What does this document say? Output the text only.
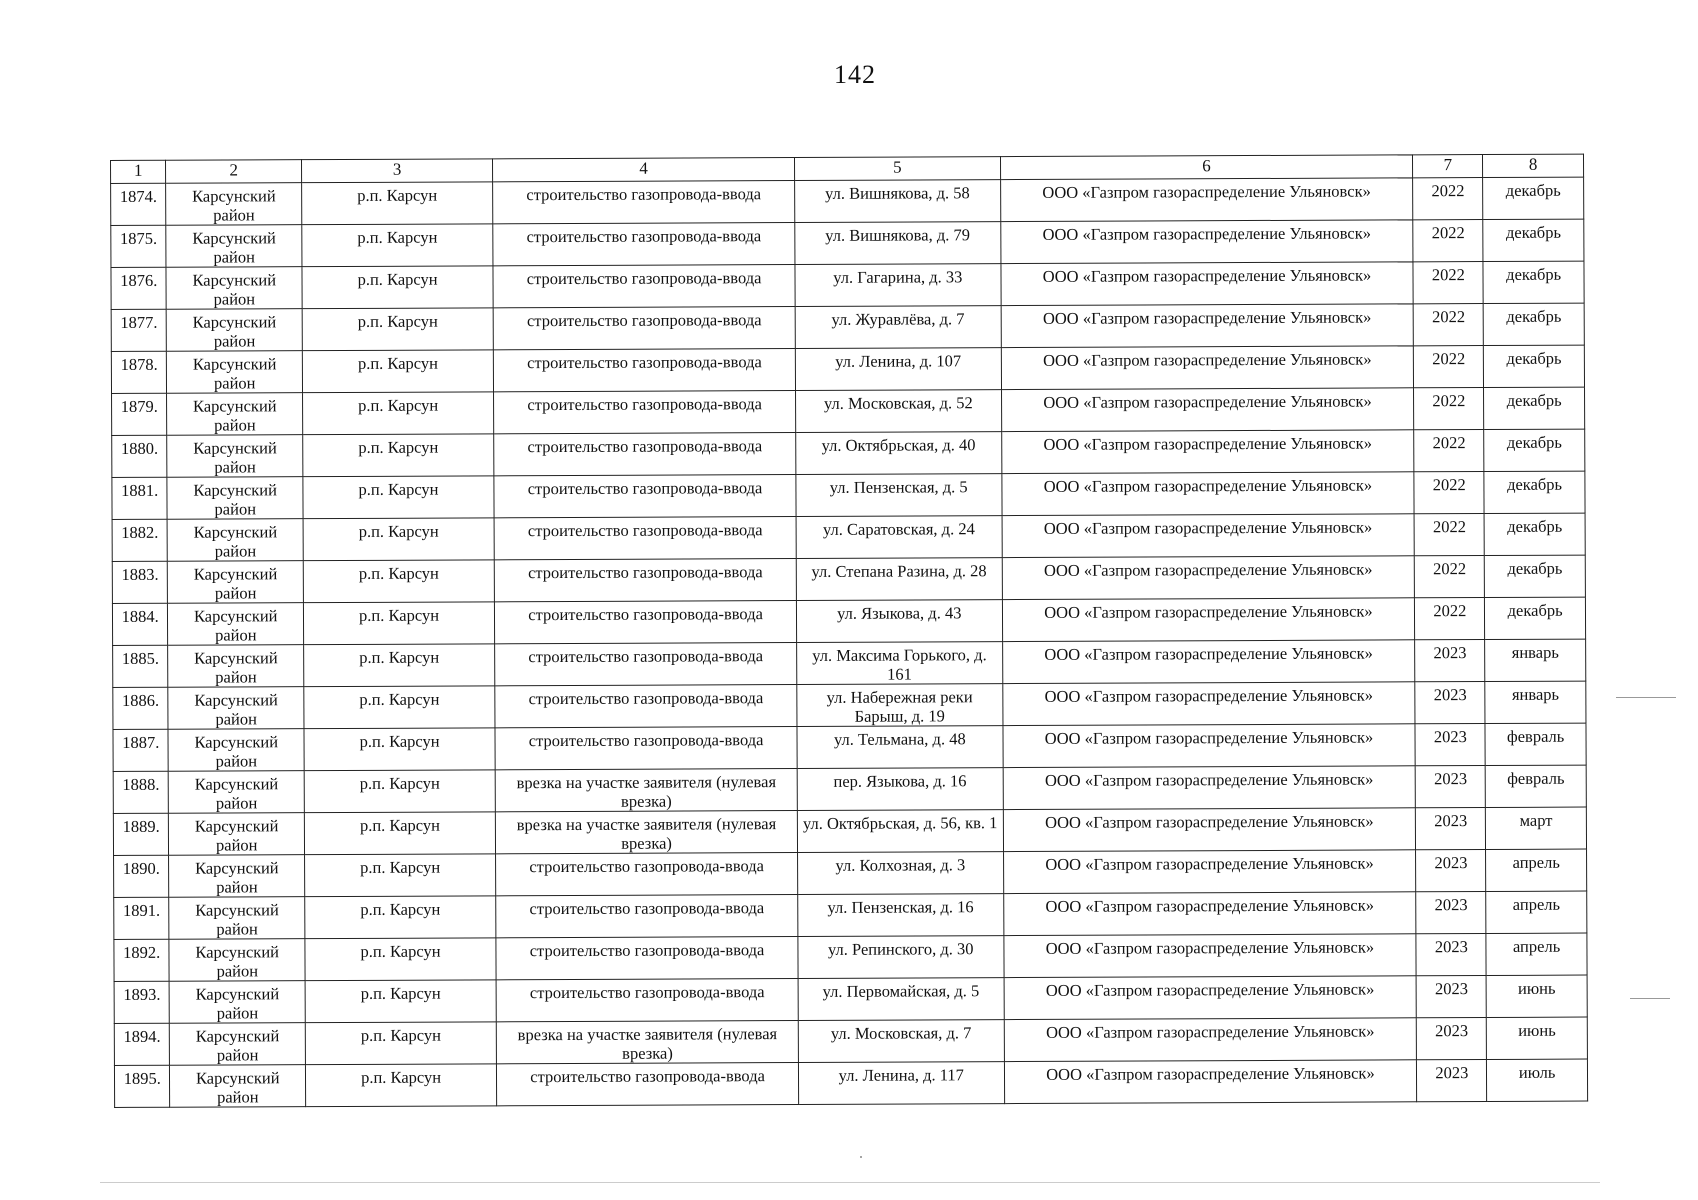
142
1	2	3	4	5	6	7	8
1874.	Карсунский район	р.п. Карсун	строительство газопровода-ввода	ул. Вишнякова, д. 58	ООО «Газпром газораспределение Ульяновск»	2022	декабрь
1875.	Карсунский район	р.п. Карсун	строительство газопровода-ввода	ул. Вишнякова, д. 79	ООО «Газпром газораспределение Ульяновск»	2022	декабрь
1876.	Карсунский район	р.п. Карсун	строительство газопровода-ввода	ул. Гагарина, д. 33	ООО «Газпром газораспределение Ульяновск»	2022	декабрь
1877.	Карсунский район	р.п. Карсун	строительство газопровода-ввода	ул. Журавлёва, д. 7	ООО «Газпром газораспределение Ульяновск»	2022	декабрь
1878.	Карсунский район	р.п. Карсун	строительство газопровода-ввода	ул. Ленина, д. 107	ООО «Газпром газораспределение Ульяновск»	2022	декабрь
1879.	Карсунский район	р.п. Карсун	строительство газопровода-ввода	ул. Московская, д. 52	ООО «Газпром газораспределение Ульяновск»	2022	декабрь
1880.	Карсунский район	р.п. Карсун	строительство газопровода-ввода	ул. Октябрьская, д. 40	ООО «Газпром газораспределение Ульяновск»	2022	декабрь
1881.	Карсунский район	р.п. Карсун	строительство газопровода-ввода	ул. Пензенская, д. 5	ООО «Газпром газораспределение Ульяновск»	2022	декабрь
1882.	Карсунский район	р.п. Карсун	строительство газопровода-ввода	ул. Саратовская, д. 24	ООО «Газпром газораспределение Ульяновск»	2022	декабрь
1883.	Карсунский район	р.п. Карсун	строительство газопровода-ввода	ул. Степана Разина, д. 28	ООО «Газпром газораспределение Ульяновск»	2022	декабрь
1884.	Карсунский район	р.п. Карсун	строительство газопровода-ввода	ул. Языкова, д. 43	ООО «Газпром газораспределение Ульяновск»	2022	декабрь
1885.	Карсунский район	р.п. Карсун	строительство газопровода-ввода	ул. Максима Горького, д. 161	ООО «Газпром газораспределение Ульяновск»	2023	январь
1886.	Карсунский район	р.п. Карсун	строительство газопровода-ввода	ул. Набережная реки Барыш, д. 19	ООО «Газпром газораспределение Ульяновск»	2023	январь
1887.	Карсунский район	р.п. Карсун	строительство газопровода-ввода	ул. Тельмана, д. 48	ООО «Газпром газораспределение Ульяновск»	2023	февраль
1888.	Карсунский район	р.п. Карсун	врезка на участке заявителя (нулевая врезка)	пер. Языкова, д. 16	ООО «Газпром газораспределение Ульяновск»	2023	февраль
1889.	Карсунский район	р.п. Карсун	врезка на участке заявителя (нулевая врезка)	ул. Октябрьская, д. 56, кв. 1	ООО «Газпром газораспределение Ульяновск»	2023	март
1890.	Карсунский район	р.п. Карсун	строительство газопровода-ввода	ул. Колхозная, д. 3	ООО «Газпром газораспределение Ульяновск»	2023	апрель
1891.	Карсунский район	р.п. Карсун	строительство газопровода-ввода	ул. Пензенская, д. 16	ООО «Газпром газораспределение Ульяновск»	2023	апрель
1892.	Карсунский район	р.п. Карсун	строительство газопровода-ввода	ул. Репинского, д. 30	ООО «Газпром газораспределение Ульяновск»	2023	апрель
1893.	Карсунский район	р.п. Карсун	строительство газопровода-ввода	ул. Первомайская, д. 5	ООО «Газпром газораспределение Ульяновск»	2023	июнь
1894.	Карсунский район	р.п. Карсун	врезка на участке заявителя (нулевая врезка)	ул. Московская, д. 7	ООО «Газпром газораспределение Ульяновск»	2023	июнь
1895.	Карсунский район	р.п. Карсун	строительство газопровода-ввода	ул. Ленина, д. 117	ООО «Газпром газораспределение Ульяновск»	2023	июль
